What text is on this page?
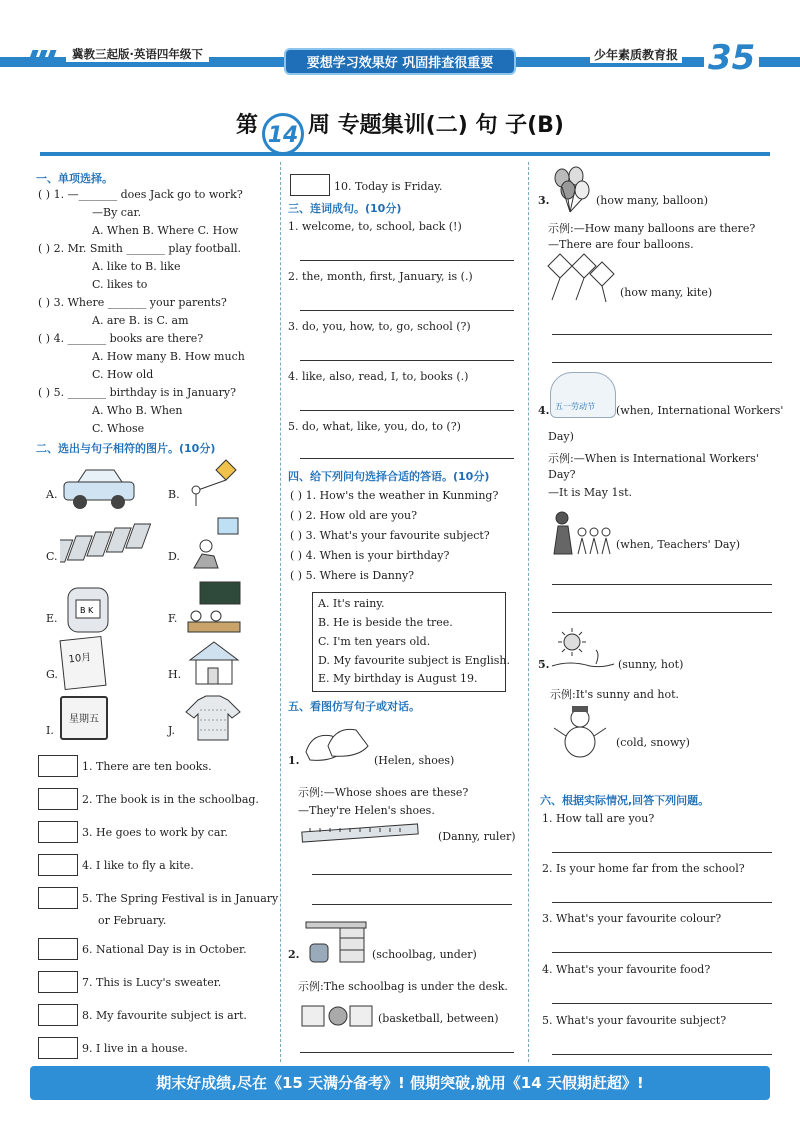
冀教三起版·英语四年级下
要想学习效果好 巩固排查很重要
少年素质教育报 35
第 14 周 专题集训(二) 句 子(B)
一、单项选择。
( ) 1. —_______ does Jack go to work?
—By car.
A. When B. Where C. How
( ) 2. Mr. Smith _______ play football.
A. like to B. like
C. likes to
( ) 3. Where _______ your parents?
A. are B. is C. am
( ) 4. _______ books are there?
A. How many B. How much
C. How old
( ) 5. _______ birthday is in January?
A. Who B. When
C. Whose
二、选出与句子相符的图片。(10分)
A.	B.
C.	D.
E.
B K
F.
G.
10月
H.
I.
星期五
J.
1. There are ten books.
2. The book is in the schoolbag.
3. He goes to work by car.
4. I like to fly a kite.
5. The Spring Festival is in January
or February.
6. National Day is in October.
7. This is Lucy's sweater.
8. My favourite subject is art.
9. I live in a house.
10. Today is Friday.
三、连词成句。(10分)
1. welcome, to, school, back (!)
2. the, month, first, January, is (.)
3. do, you, how, to, go, school (?)
4. like, also, read, I, to, books (.)
5. do, what, like, you, do, to (?)
四、给下列问句选择合适的答语。(10分)
( ) 1. How's the weather in Kunming?
( ) 2. How old are you?
( ) 3. What's your favourite subject?
( ) 4. When is your birthday?
( ) 5. Where is Danny?
A. It's rainy.
B. He is beside the tree.
C. I'm ten years old.
D. My favourite subject is English.
E. My birthday is August 19.
五、看图仿写句子或对话。
1.	(Helen, shoes)
示例:—Whose shoes are these?
—They're Helen's shoes.
(Danny, ruler)
2.	(schoolbag, under)
示例:The schoolbag is under the desk.
(basketball, between)
3.	(how many, balloon)
示例:—How many balloons are there?
—There are four balloons.
(how many, kite)
4. 五一劳动节 (when, International Workers'
Day)
示例:—When is International Workers'
Day?
—It is May 1st.
(when, Teachers' Day)
5.	(sunny, hot)
示例:It's sunny and hot.
(cold, snowy)
六、根据实际情况,回答下列问题。
1. How tall are you?
2. Is your home far from the school?
3. What's your favourite colour?
4. What's your favourite food?
5. What's your favourite subject?
期末好成绩,尽在《15 天满分备考》! 假期突破,就用《14 天假期赶超》!
